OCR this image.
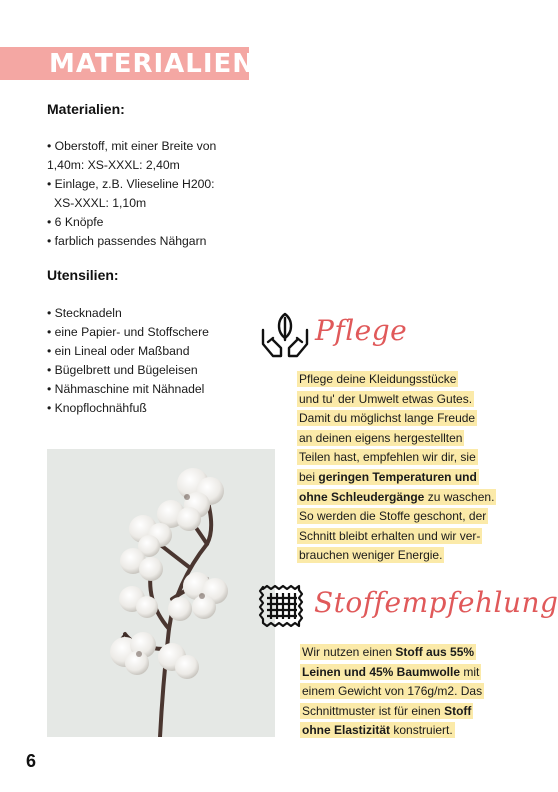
MATERIALIEN

Materialien:

• Oberstoff, mit einer Breite von
1,40m: XS-XXXL: 2,40m
• Einlage, z.B. Vlieseline H200:
XS-XXXL: 1,10m
• 6 Knöpfe
• farblich passendes Nähgarn

Utensilien:

• Stecknadeln
• eine Papier- und Stoffschere
• ein Lineal oder Maßband
• Bügelbrett und Bügeleisen
• Nähmaschine mit Nähnadel
• Knopflochnähfuß
Pflege

Pflege deine Kleidungsstücke
und tu' der Umwelt etwas Gutes.
Damit du möglichst lange Freude
an deinen eigens hergestellten
Teilen hast, empfehlen wir dir, sie
bei geringen Temperaturen und
ohne Schleudergänge zu waschen.
So werden die Stoffe geschont, der
Schnitt bleibt erhalten und wir ver-
brauchen weniger Energie.

Stoffempfehlung

Wir nutzen einen Stoff aus 55%
Leinen und 45% Baumwolle mit
einem Gewicht von 176g/m2. Das
Schnittmuster ist für einen Stoff
ohne Elastizität konstruiert.

6
